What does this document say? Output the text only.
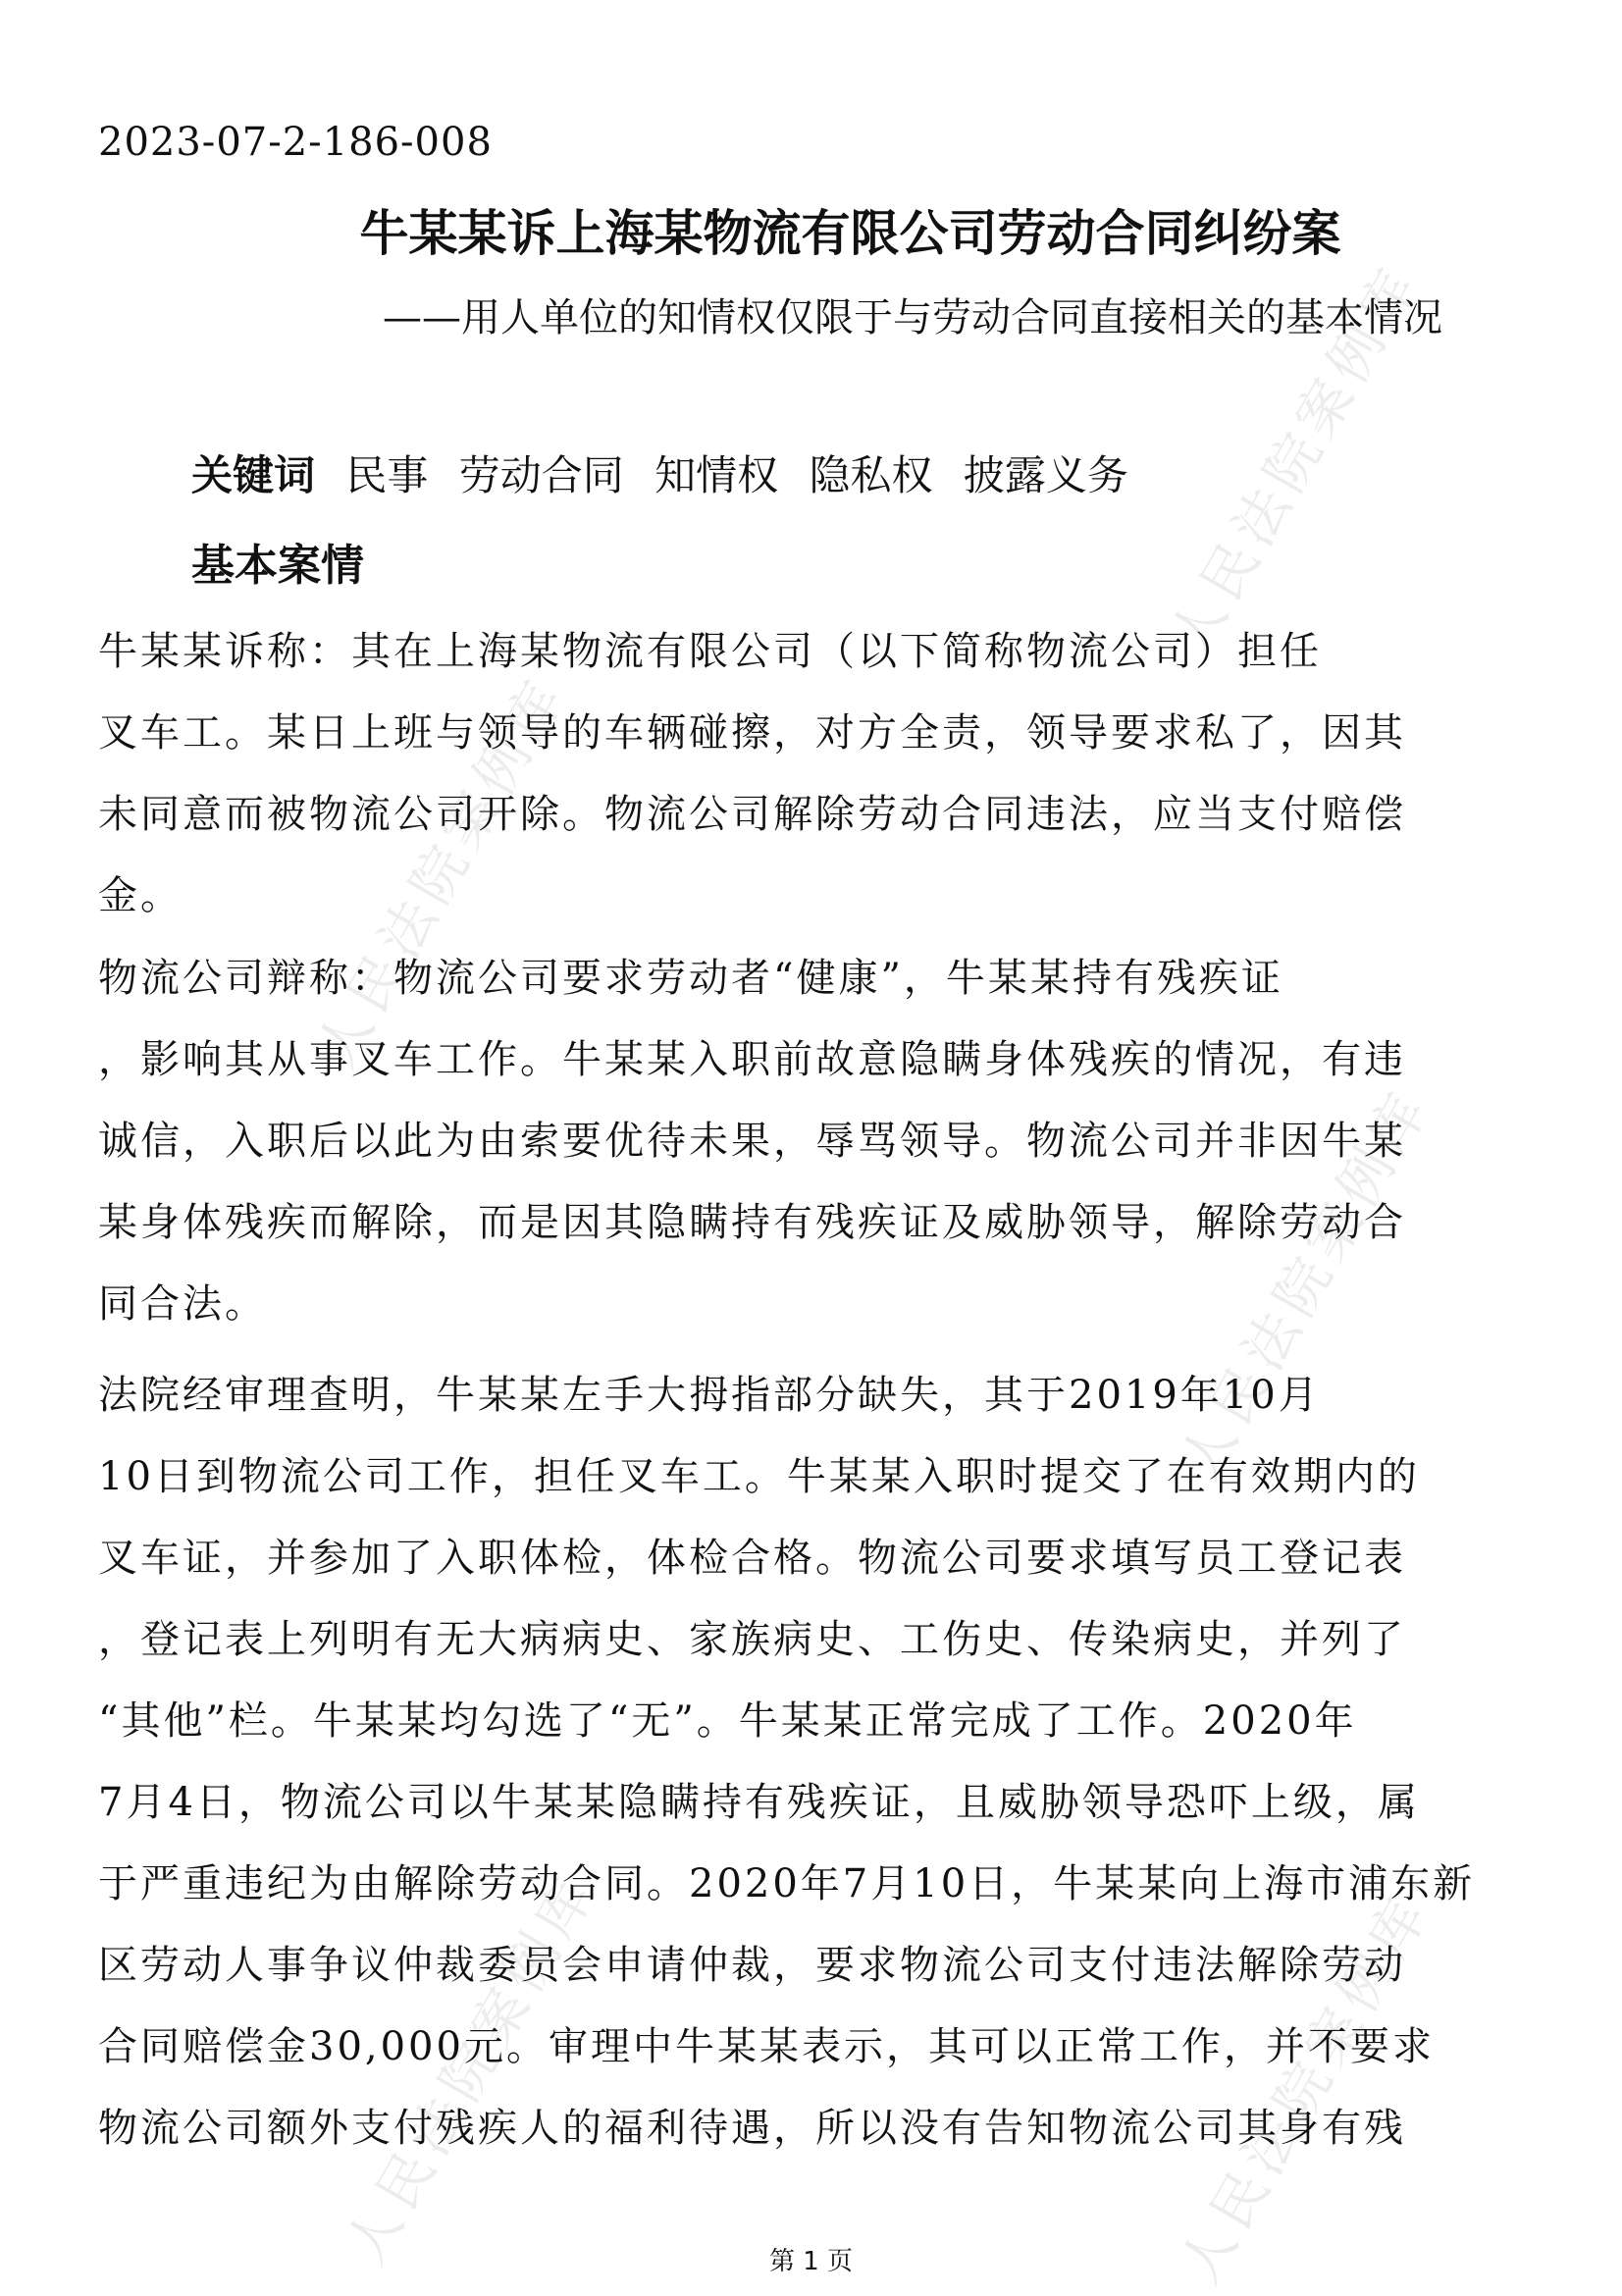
人民法院案例库
人民法院案例库
人民法院案例库
人民法院案例库	人民法院案例库
2023-07-2-186-008
牛某某诉上海某物流有限公司劳动合同纠纷案
——用人单位的知情权仅限于与劳动合同直接相关的基本情况
关键词 民事 劳动合同 知情权 隐私权 披露义务
基本案情
牛某某诉称：其在上海某物流有限公司（以下简称物流公司）担任
叉车工。某日上班与领导的车辆碰擦，对方全责，领导要求私了，因其
未同意而被物流公司开除。物流公司解除劳动合同违法，应当支付赔偿
金。
物流公司辩称：物流公司要求劳动者“健康”，牛某某持有残疾证
，影响其从事叉车工作。牛某某入职前故意隐瞒身体残疾的情况，有违
诚信，入职后以此为由索要优待未果，辱骂领导。物流公司并非因牛某
某身体残疾而解除，而是因其隐瞒持有残疾证及威胁领导，解除劳动合
同合法。
法院经审理查明，牛某某左手大拇指部分缺失，其于2019年10月
10日到物流公司工作，担任叉车工。牛某某入职时提交了在有效期内的
叉车证，并参加了入职体检，体检合格。物流公司要求填写员工登记表
，登记表上列明有无大病病史、家族病史、工伤史、传染病史，并列了
“其他”栏。牛某某均勾选了“无”。牛某某正常完成了工作。2020年
7月4日，物流公司以牛某某隐瞒持有残疾证，且威胁领导恐吓上级，属
于严重违纪为由解除劳动合同。2020年7月10日，牛某某向上海市浦东新
区劳动人事争议仲裁委员会申请仲裁，要求物流公司支付违法解除劳动
合同赔偿金30,000元。审理中牛某某表示，其可以正常工作，并不要求
物流公司额外支付残疾人的福利待遇，所以没有告知物流公司其身有残
第 1 页
